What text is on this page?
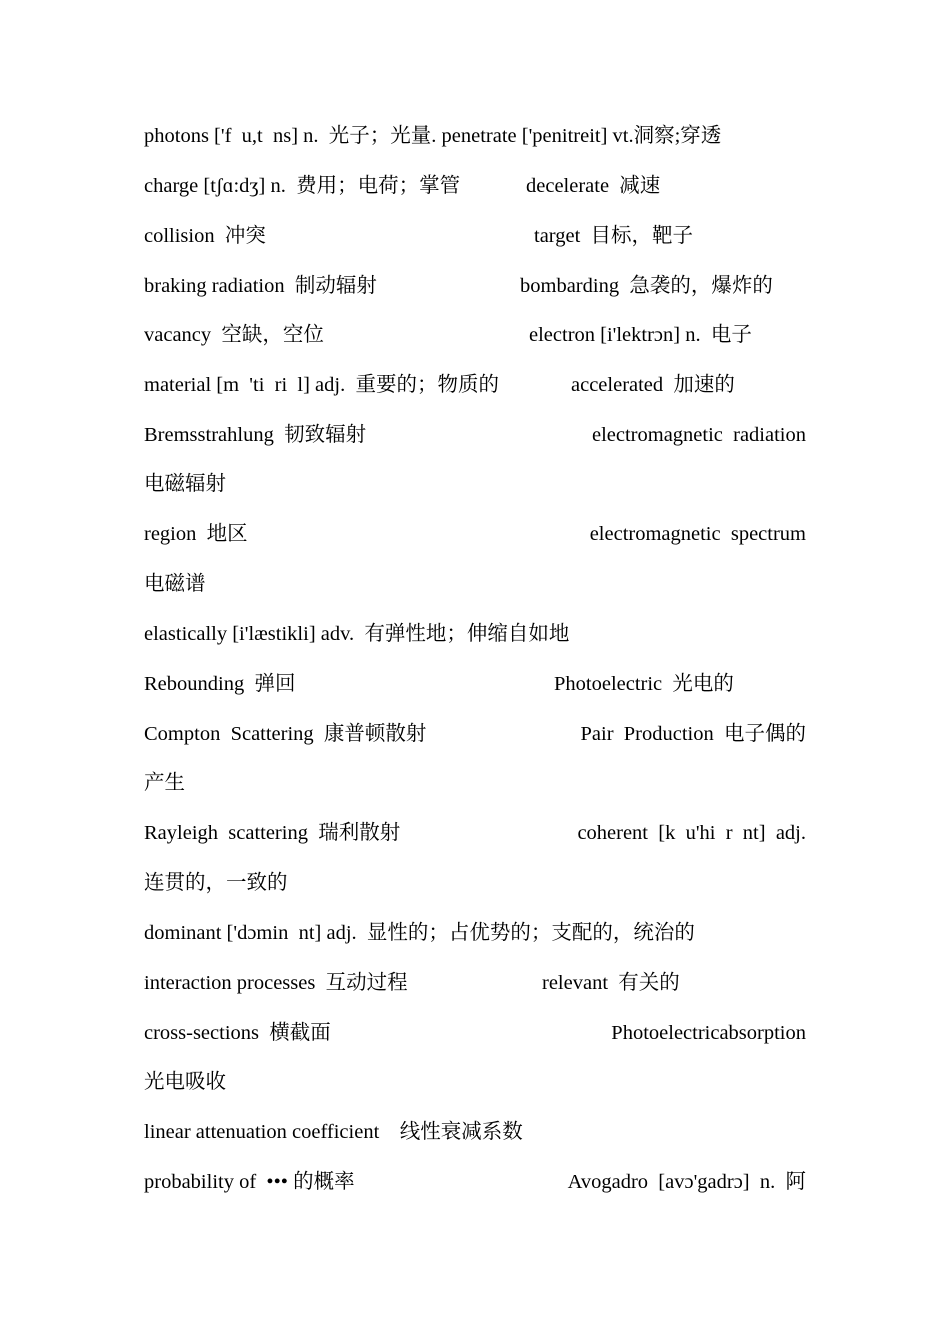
photons ['f  u,t  ns] n.  光子；光量. penetrate ['penitreit] vt.洞察;穿透
charge [tʃɑ:dʒ] n.  费用；电荷；掌管	decelerate  减速
collision  冲突	target  目标，靶子
braking radiation  制动辐射	bombarding  急袭的，爆炸的
vacancy  空缺，空位	electron [i'lektrɔn] n.  电子
material [m  'ti  ri  l] adj.  重要的；物质的	accelerated  加速的
Bremsstrahlung  韧致辐射	electromagnetic  radiation
电磁辐射
region  地区	electromagnetic  spectrum
电磁谱
elastically [i'læstikli] adv.  有弹性地；伸缩自如地
Rebounding  弹回	Photoelectric  光电的
Compton  Scattering  康普顿散射	Pair  Production  电子偶的
产生
Rayleigh  scattering  瑞利散射	coherent  [k  u'hi  r  nt]  adj.
连贯的，一致的
dominant ['dɔmin  nt] adj.  显性的；占优势的；支配的，统治的
interaction processes  互动过程	relevant  有关的
cross-sections  横截面	Photoelectricabsorption
光电吸收
linear attenuation coefficient    线性衰减系数
probability of  ••• 的概率	Avogadro  [avɔ'gadrɔ]  n.  阿
